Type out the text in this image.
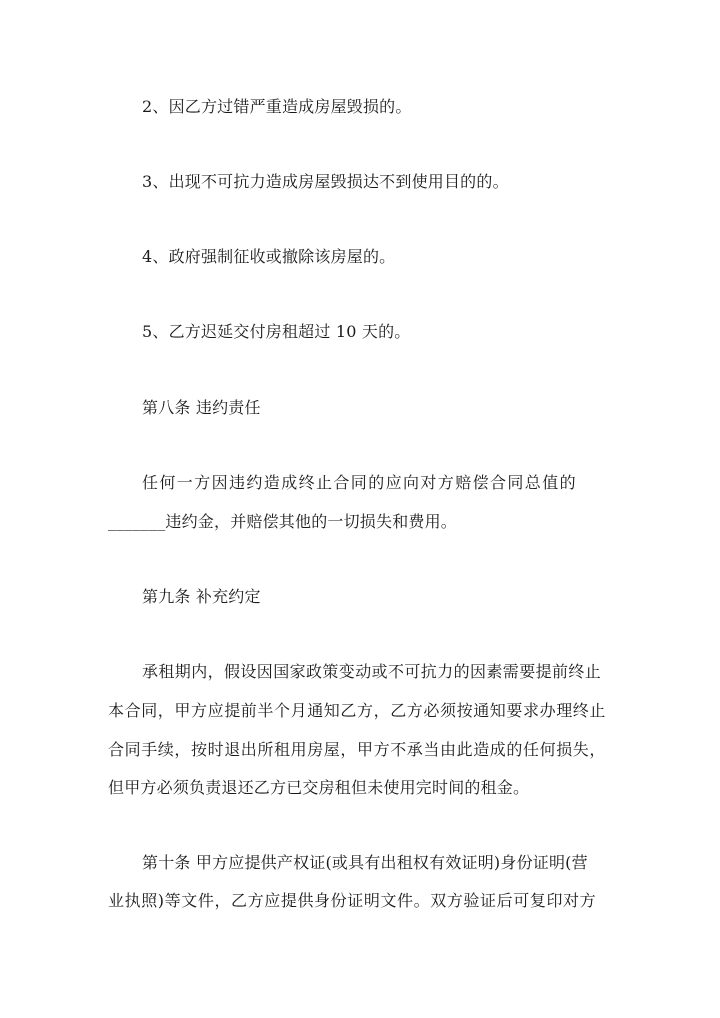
2、因乙方过错严重造成房屋毁损的。
3、出现不可抗力造成房屋毁损达不到使用目的的。
4、政府强制征收或撤除该房屋的。
5、乙方迟延交付房租超过 10 天的。
第八条 违约责任
任何一方因违约造成终止合同的应向对方赔偿合同总值的
_______违约金，并赔偿其他的一切损失和费用。
第九条 补充约定
承租期内，假设因国家政策变动或不可抗力的因素需要提前终止
本合同，甲方应提前半个月通知乙方，乙方必须按通知要求办理终止
合同手续，按时退出所租用房屋，甲方不承当由此造成的任何损失，
但甲方必须负责退还乙方已交房租但未使用完时间的租金。
第十条 甲方应提供产权证(或具有出租权有效证明)身份证明(营
业执照)等文件，乙方应提供身份证明文件。双方验证后可复印对方
